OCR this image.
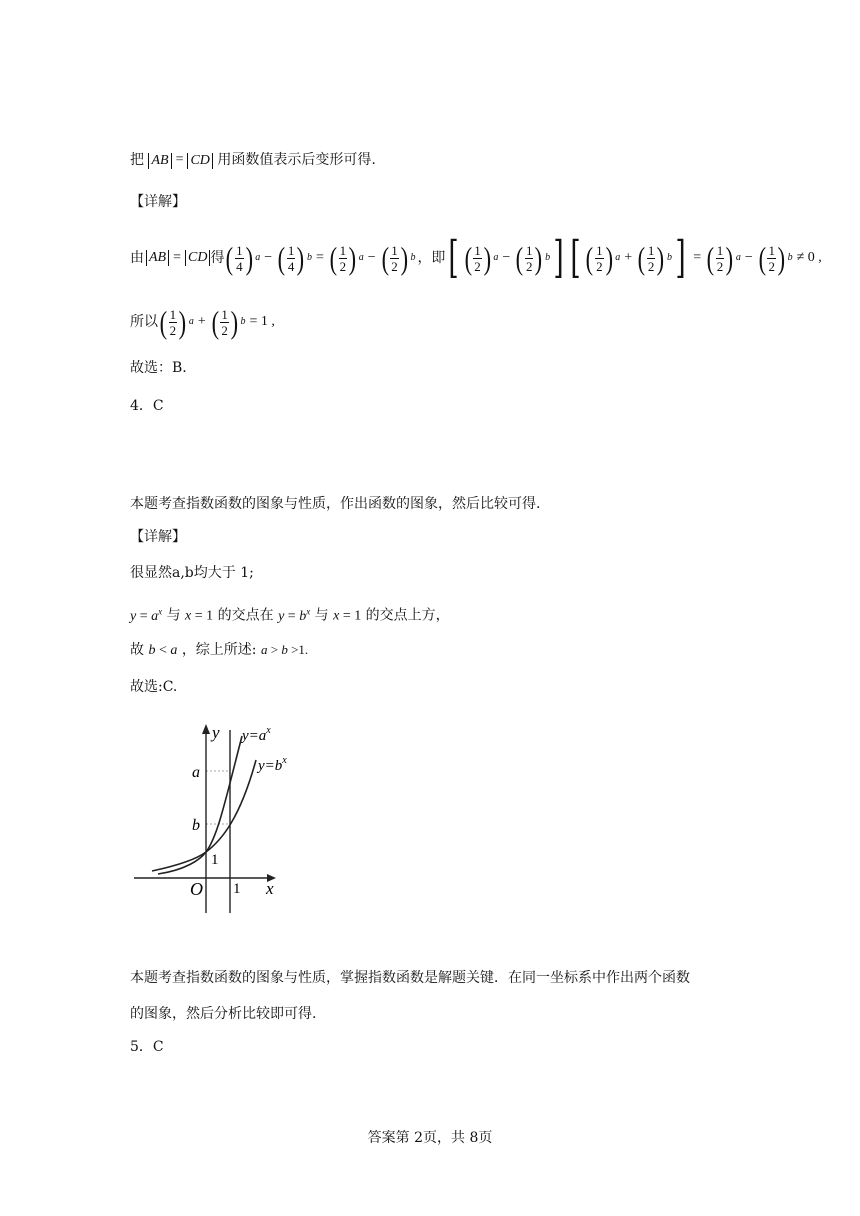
把 AB = CD 用函数值表示后变形可得.
【详解】
由 AB = CD 得 ( $\frac{1}{4}$ ) a − ( $\frac{1}{4}$ ) b = ( $\frac{1}{2}$ ) a − ( $\frac{1}{2}$ ) b ，即 [ ( $\frac{1}{2}$ ) a − ( $\frac{1}{2}$ ) b ] [ ( $\frac{1}{2}$ ) a + ( $\frac{1}{2}$ ) b ] = ( $\frac{1}{2}$ ) a − ( $\frac{1}{2}$ ) b ≠ 0 ,
所以 ( $\frac{1}{2}$ ) a + ( $\frac{1}{2}$ ) b = 1 ,
故选：B.
4．C
本题考查指数函数的图象与性质，作出函数的图象，然后比较可得.
【详解】
很显然a,b均大于 1;
$y = a^x$ 与 x = 1 的交点在 $y = b^x$ 与 x = 1 的交点上方，
故 b < a ，综上所述: a > b >1.
故选:C.
y $y=a^x$
$y=b^x$
a
b
1
O 1 x
本题考查指数函数的图象与性质，掌握指数函数是解题关键．在同一坐标系中作出两个函数
的图象，然后分析比较即可得.
5．C
答案第 2页，共 8页
